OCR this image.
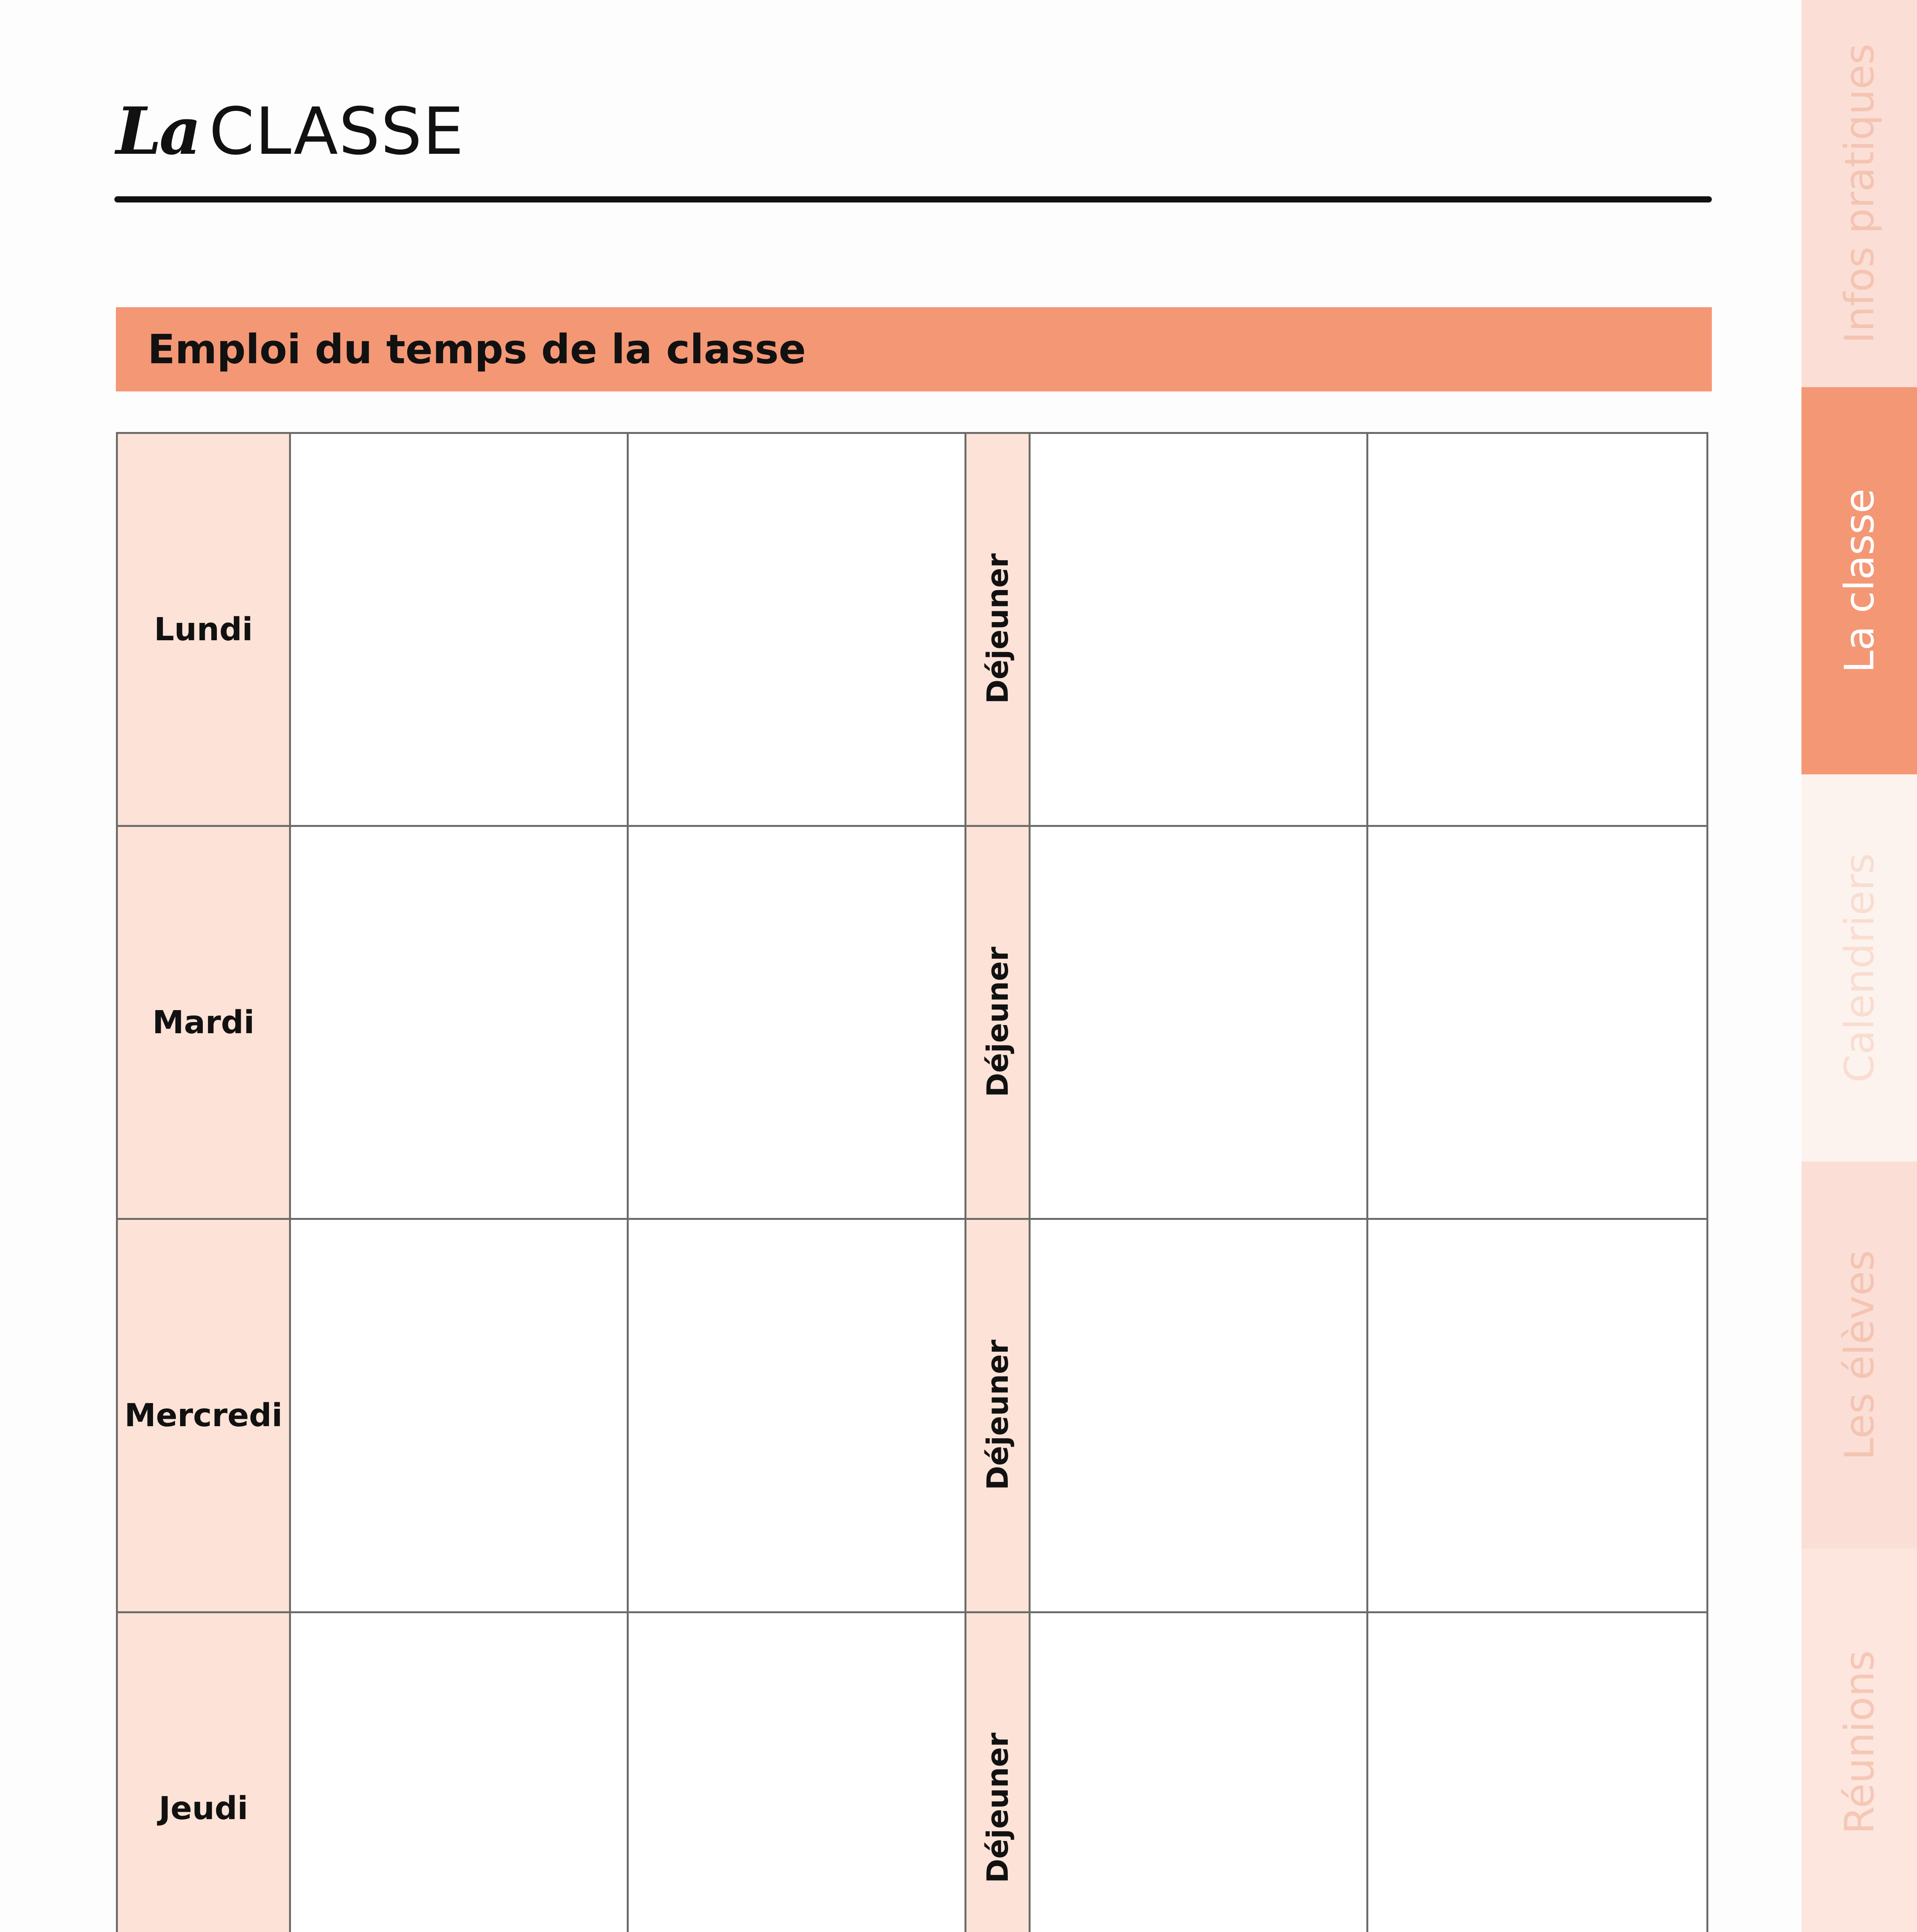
La CLASSE
Emploi du temps de la classe
Lundi			Déjeuner		
Mardi			Déjeuner		
Mercredi			Déjeuner		
Jeudi			Déjeuner		

Infos pratiques
La classe
Calendriers
Les élèves
Réunions
